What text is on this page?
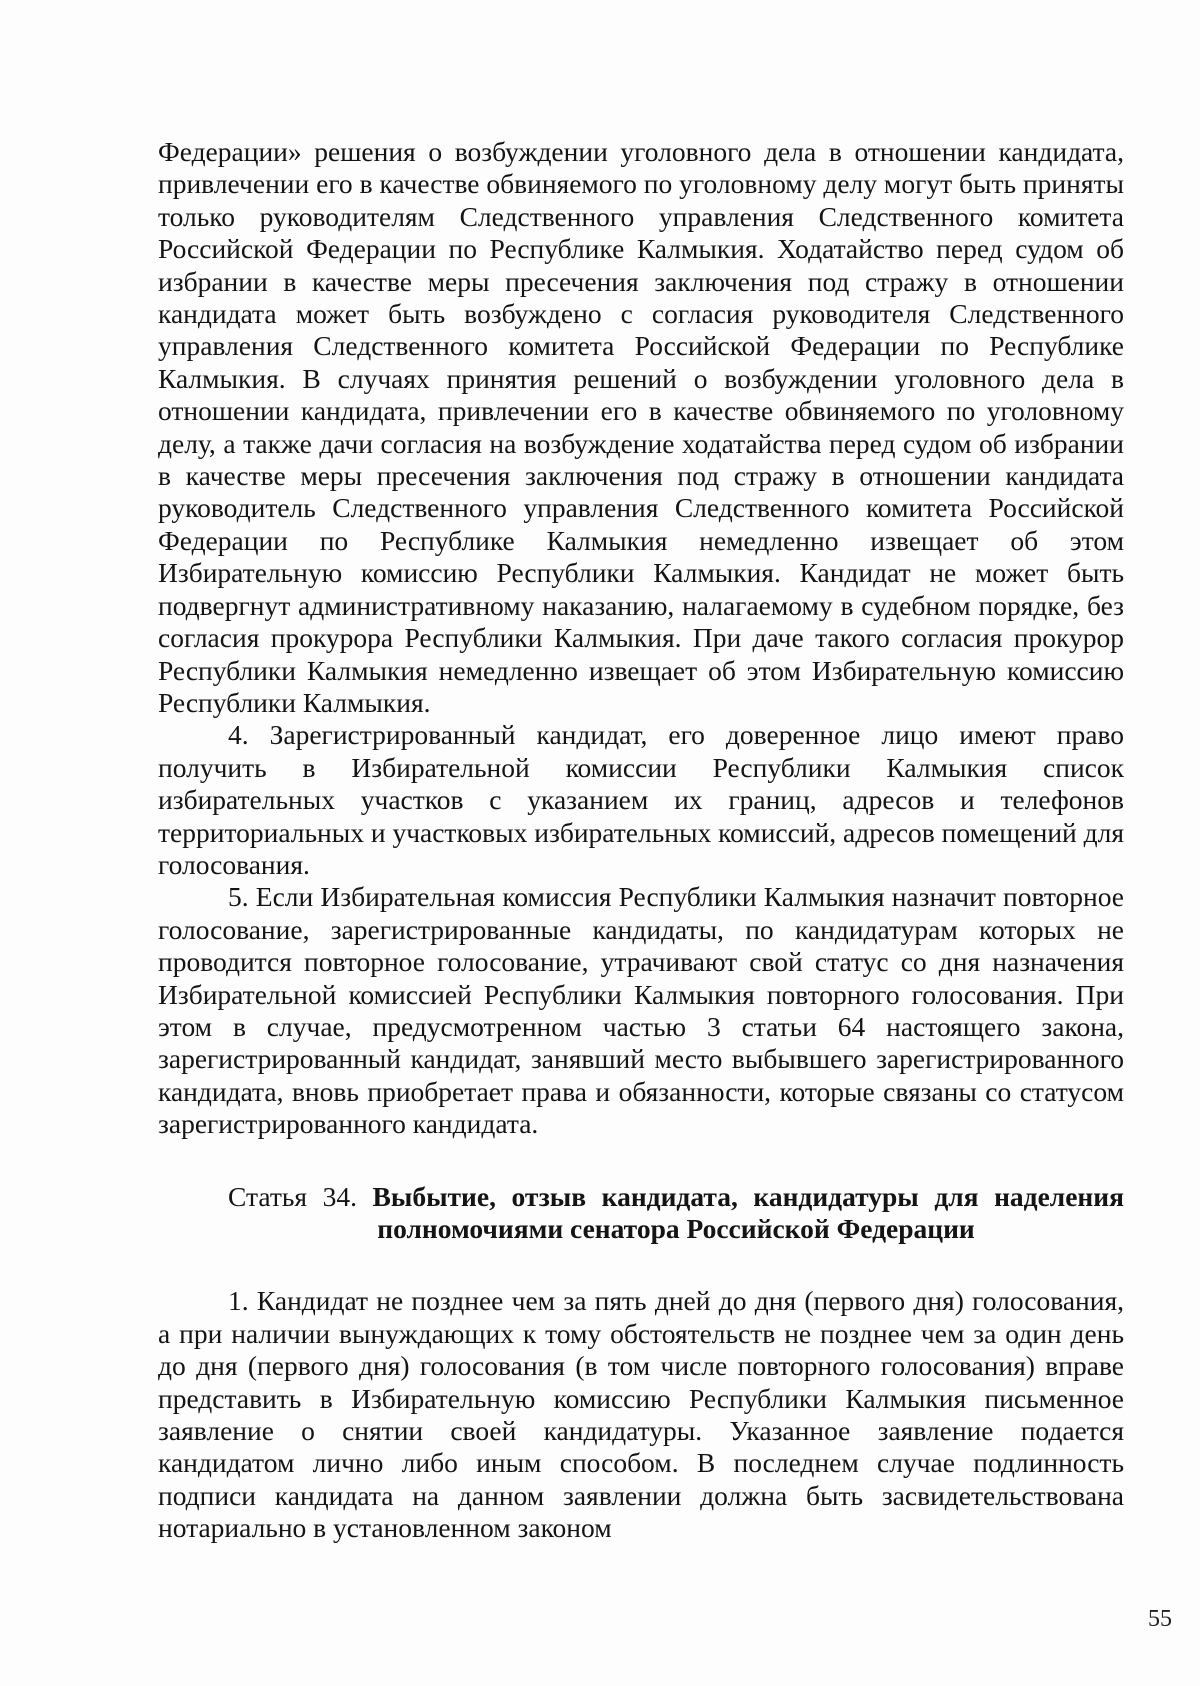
Федерации» решения о возбуждении уголовного дела в отношении кандидата, привлечении его в качестве обвиняемого по уголовному делу могут быть приняты только руководителям Следственного управления Следственного комитета Российской Федерации по Республике Калмыкия. Ходатайство перед судом об избрании в качестве меры пресечения заключения под стражу в отношении кандидата может быть возбуждено с согласия руководителя Следственного управления Следственного комитета Российской Федерации по Республике Калмыкия. В случаях принятия решений о возбуждении уголовного дела в отношении кандидата, привлечении его в качестве обвиняемого по уголовному делу, а также дачи согласия на возбуждение ходатайства перед судом об избрании в качестве меры пресечения заключения под стражу в отношении кандидата руководитель Следственного управления Следственного комитета Российской Федерации по Республике Калмыкия немедленно извещает об этом Избирательную комиссию Республики Калмыкия. Кандидат не может быть подвергнут административному наказанию, налагаемому в судебном порядке, без согласия прокурора Республики Калмыкия. При даче такого согласия прокурор Республики Калмыкия немедленно извещает об этом Избирательную комиссию Республики Калмыкия.

4. Зарегистрированный кандидат, его доверенное лицо имеют право получить в Избирательной комиссии Республики Калмыкия список избирательных участков с указанием их границ, адресов и телефонов территориальных и участковых избирательных комиссий, адресов помещений для голосования.

5. Если Избирательная комиссия Республики Калмыкия назначит повторное голосование, зарегистрированные кандидаты, по кандидатурам которых не проводится повторное голосование, утрачивают свой статус со дня назначения Избирательной комиссией Республики Калмыкия повторного голосования. При этом в случае, предусмотренном частью 3 статьи 64 настоящего закона, зарегистрированный кандидат, занявший место выбывшего зарегистрированного кандидата, вновь приобретает права и обязанности, которые связаны со статусом зарегистрированного кандидата.

Статья 34. Выбытие, отзыв кандидата, кандидатуры для наделения полномочиями сенатора Российской Федерации

1. Кандидат не позднее чем за пять дней до дня (первого дня) голосования, а при наличии вынуждающих к тому обстоятельств не позднее чем за один день до дня (первого дня) голосования (в том числе повторного голосования) вправе представить в Избирательную комиссию Республики Калмыкия письменное заявление о снятии своей кандидатуры. Указанное заявление подается кандидатом лично либо иным способом. В последнем случае подлинность подписи кандидата на данном заявлении должна быть засвидетельствована нотариально в установленном законом

55
